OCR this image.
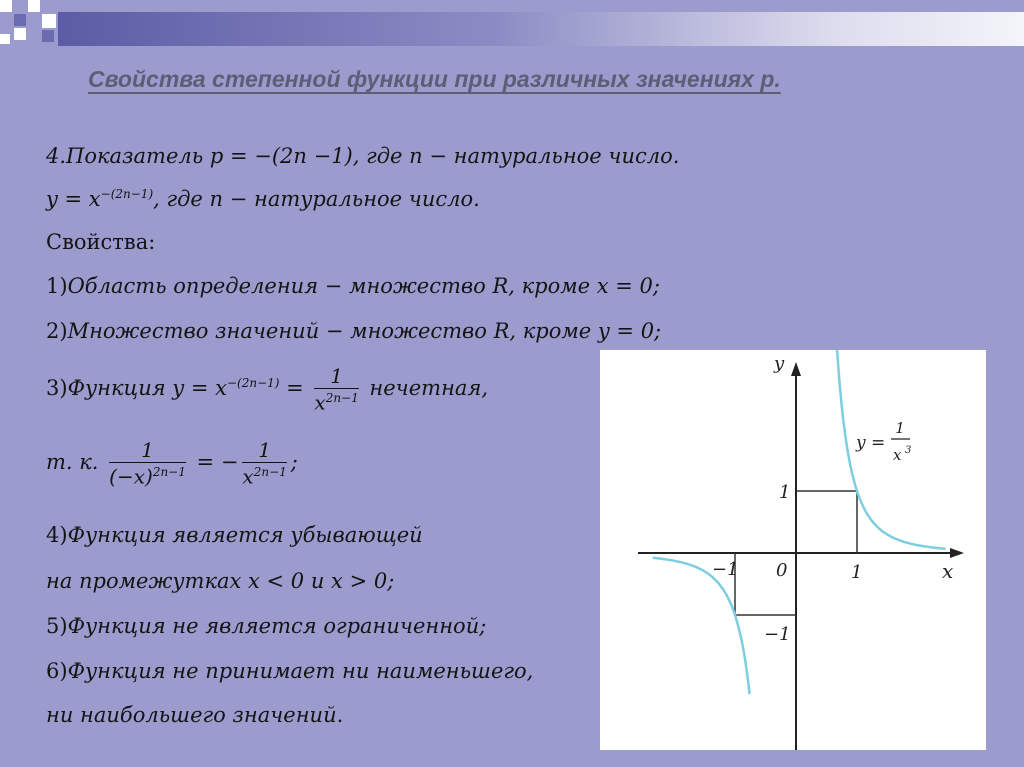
Свойства степенной функции при различных значениях р.
4.Показатель p = −(2n −1), где n − натуральное число.
$y = x^{-(2n-1)}$, где n − натуральное число.
Свойства:
1)Область определения − множество R, кроме x = 0;
2)Множество значений − множество R, кроме y = 0;
3)Функция $y = x^{-(2n-1)} = \frac{1}{x^{2n-1}}$ нечетная,
т. к. $\frac{1}{(-x)^{2n-1}}$ = − $\frac{1}{x^{2n-1}}$ ;
4)Функция является убывающей
на промежутках x < 0 и x > 0;
5)Функция не является ограниченной;
6)Функция не принимает ни наименьшего,
ни наибольшего значений.
y
x
0	1
−1
1
−1
y =
1
x 3
